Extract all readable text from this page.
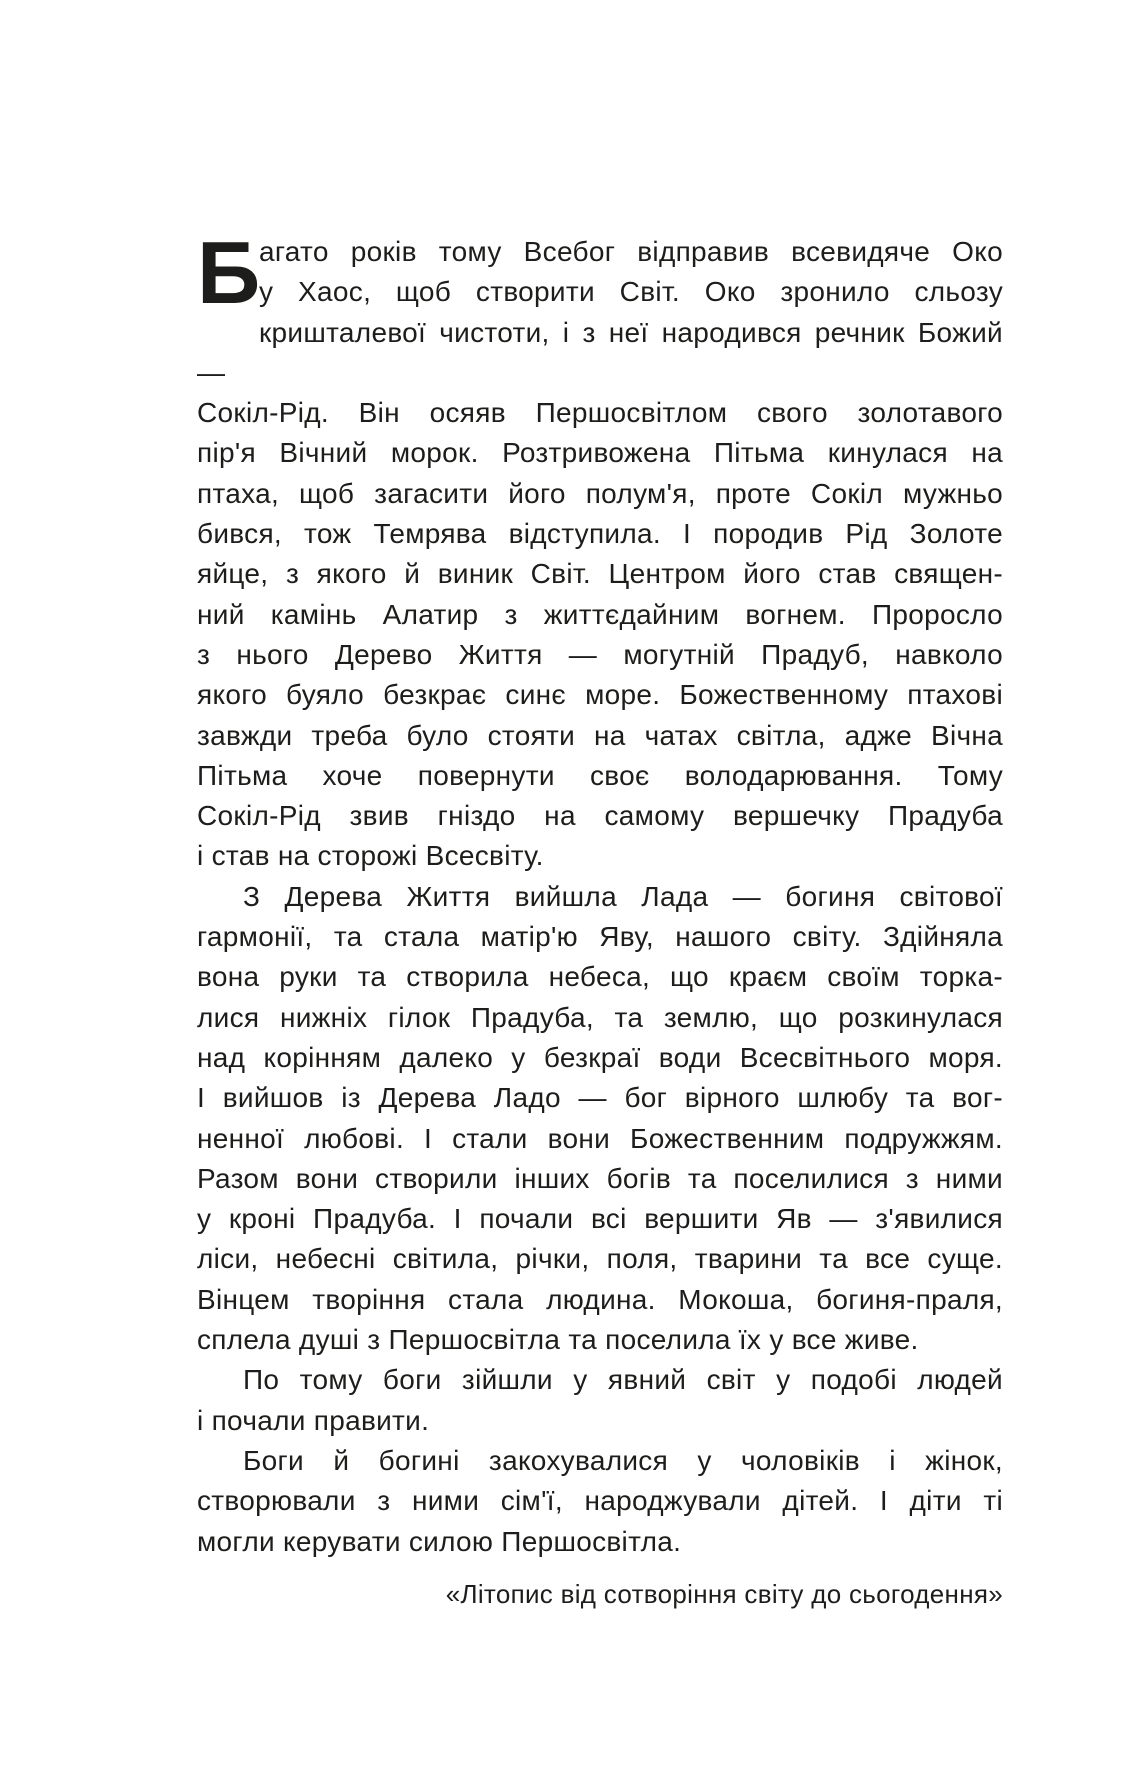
Б
агато років тому Всебог відправив всевидяче Око
у Хаос, щоб створити Світ. Око зронило сльозу
кришталевої чистоти, і з неї народився речник Божий —
Сокіл-Рід. Він осяяв Першосвітлом свого золотавого
пір'я Вічний морок. Розтривожена Пітьма кинулася на
птаха, щоб загасити його полум'я, проте Сокіл мужньо
бився, тож Темрява відступила. І породив Рід Золоте
яйце, з якого й виник Світ. Центром його став священ-
ний камінь Алатир з життєдайним вогнем. Проросло
з нього Дерево Життя — могутній Прадуб, навколо
якого буяло безкрає синє море. Божественному птахові
завжди треба було стояти на чатах світла, адже Вічна
Пітьма хоче повернути своє володарювання. Тому
Сокіл-Рід звив гніздо на самому вершечку Прадуба
і став на сторожі Всесвіту.
З Дерева Життя вийшла Лада — богиня світової
гармонії, та стала матір'ю Яву, нашого світу. Здійняла
вона руки та створила небеса, що краєм своїм торка-
лися нижніх гілок Прадуба, та землю, що розкинулася
над корінням далеко у безкраї води Всесвітнього моря.
І вийшов із Дерева Ладо — бог вірного шлюбу та вог-
ненної любові. І стали вони Божественним подружжям.
Разом вони створили інших богів та поселилися з ними
у кроні Прадуба. І почали всі вершити Яв — з'явилися
ліси, небесні світила, річки, поля, тварини та все суще.
Вінцем творіння стала людина. Мокоша, богиня-праля,
сплела душі з Першосвітла та поселила їх у все живе.
По тому боги зійшли у явний світ у подобі людей
і почали правити.
Боги й богині закохувалися у чоловіків і жінок,
створювали з ними сім'ї, народжували дітей. І діти ті
могли керувати силою Першосвітла.
«Літопис від сотворіння світу до сьогодення»
